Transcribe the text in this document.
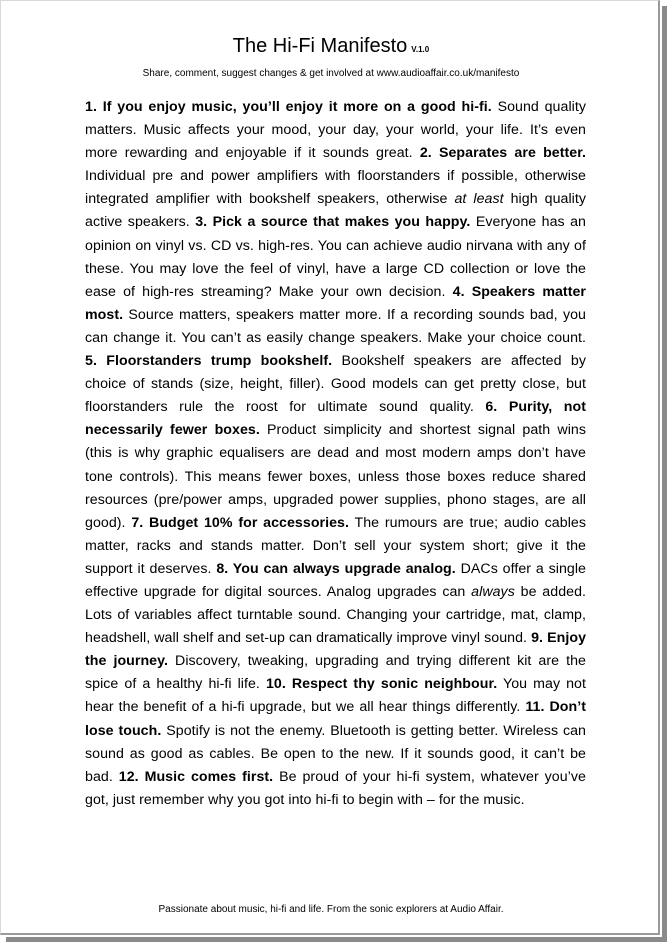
The Hi-Fi Manifesto V.1.0
Share, comment, suggest changes & get involved at www.audioaffair.co.uk/manifesto
1. If you enjoy music, you’ll enjoy it more on a good hi-fi. Sound quality matters. Music affects your mood, your day, your world, your life. It’s even more rewarding and enjoyable if it sounds great. 2. Separates are better. Individual pre and power amplifiers with floorstanders if possible, otherwise integrated amplifier with bookshelf speakers, otherwise at least high quality active speakers. 3. Pick a source that makes you happy. Everyone has an opinion on vinyl vs. CD vs. high-res. You can achieve audio nirvana with any of these. You may love the feel of vinyl, have a large CD collection or love the ease of high-res streaming? Make your own decision. 4. Speakers matter most. Source matters, speakers matter more. If a recording sounds bad, you can change it. You can’t as easily change speakers. Make your choice count. 5. Floorstanders trump bookshelf. Bookshelf speakers are affected by choice of stands (size, height, filler). Good models can get pretty close, but floorstanders rule the roost for ultimate sound quality. 6. Purity, not necessarily fewer boxes. Product simplicity and shortest signal path wins (this is why graphic equalisers are dead and most modern amps don’t have tone controls). This means fewer boxes, unless those boxes reduce shared resources (pre/power amps, upgraded power supplies, phono stages, are all good). 7. Budget 10% for accessories. The rumours are true; audio cables matter, racks and stands matter. Don’t sell your system short; give it the support it deserves. 8. You can always upgrade analog. DACs offer a single effective upgrade for digital sources. Analog upgrades can always be added. Lots of variables affect turntable sound. Changing your cartridge, mat, clamp, headshell, wall shelf and set-up can dramatically improve vinyl sound. 9. Enjoy the journey. Discovery, tweaking, upgrading and trying different kit are the spice of a healthy hi-fi life. 10. Respect thy sonic neighbour. You may not hear the benefit of a hi-fi upgrade, but we all hear things differently. 11. Don’t lose touch. Spotify is not the enemy. Bluetooth is getting better. Wireless can sound as good as cables. Be open to the new. If it sounds good, it can’t be bad. 12. Music comes first. Be proud of your hi-fi system, whatever you’ve got, just remember why you got into hi-fi to begin with – for the music.
Passionate about music, hi-fi and life. From the sonic explorers at Audio Affair.
